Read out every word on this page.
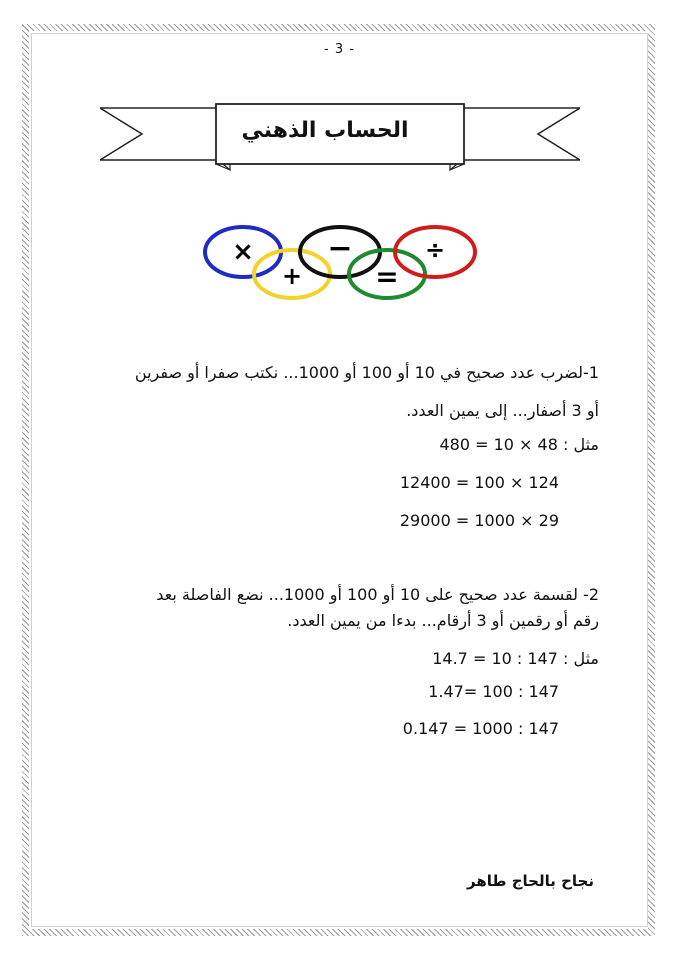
- 3 -
الحساب الذهني
×
+
−
=
÷
1-لضرب عدد صحيح في 10 أو 100 أو 1000... نكتب صفرا أو صفرين
أو 3 أصفار... إلى يمين العدد.
مثل : 480 = 10 × 48
12400 = 100 × 124
29000 = 1000 × 29
2- لقسمة عدد صحيح على 10 أو 100 أو 1000... نضع الفاصلة بعد
رقم أو رقمين أو 3 أرقام... بدءا من يمين العدد.
مثل : 14.7 = 10 : 147
1.47= 100 : 147
0.147 = 1000 : 147
نجاح بالحاج طاهر
